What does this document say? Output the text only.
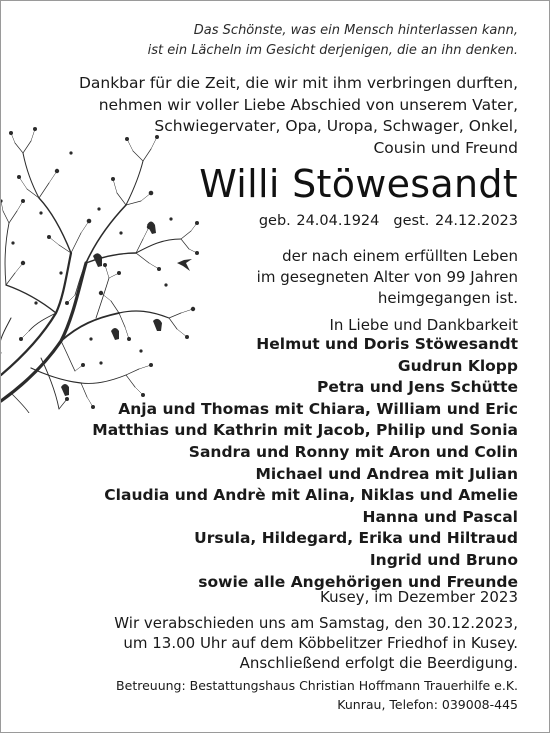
Das Schönste, was ein Mensch hinterlassen kann,
ist ein Lächeln im Gesicht derjenigen, die an ihn denken.
Dankbar für die Zeit, die wir mit ihm verbringen durften,
nehmen wir voller Liebe Abschied von unserem Vater,
Schwiegervater, Opa, Uropa, Schwager, Onkel,
Cousin und Freund
Willi Stöwesandt
geb. 24.04.1924 gest. 24.12.2023
der nach einem erfüllten Leben
im gesegneten Alter von 99 Jahren
heimgegangen ist.
In Liebe und Dankbarkeit
Helmut und Doris Stöwesandt
Gudrun Klopp
Petra und Jens Schütte
Anja und Thomas mit Chiara, William und Eric
Matthias und Kathrin mit Jacob, Philip und Sonia
Sandra und Ronny mit Aron und Colin
Michael und Andrea mit Julian
Claudia und Andrè mit Alina, Niklas und Amelie
Hanna und Pascal
Ursula, Hildegard, Erika und Hiltraud
Ingrid und Bruno
sowie alle Angehörigen und Freunde
Kusey, im Dezember 2023
Wir verabschieden uns am Samstag, den 30.12.2023,
um 13.00 Uhr auf dem Köbbelitzer Friedhof in Kusey.
Anschließend erfolgt die Beerdigung.
Betreuung: Bestattungshaus Christian Hoffmann Trauerhilfe e.K.
Kunrau, Telefon: 039008-445
